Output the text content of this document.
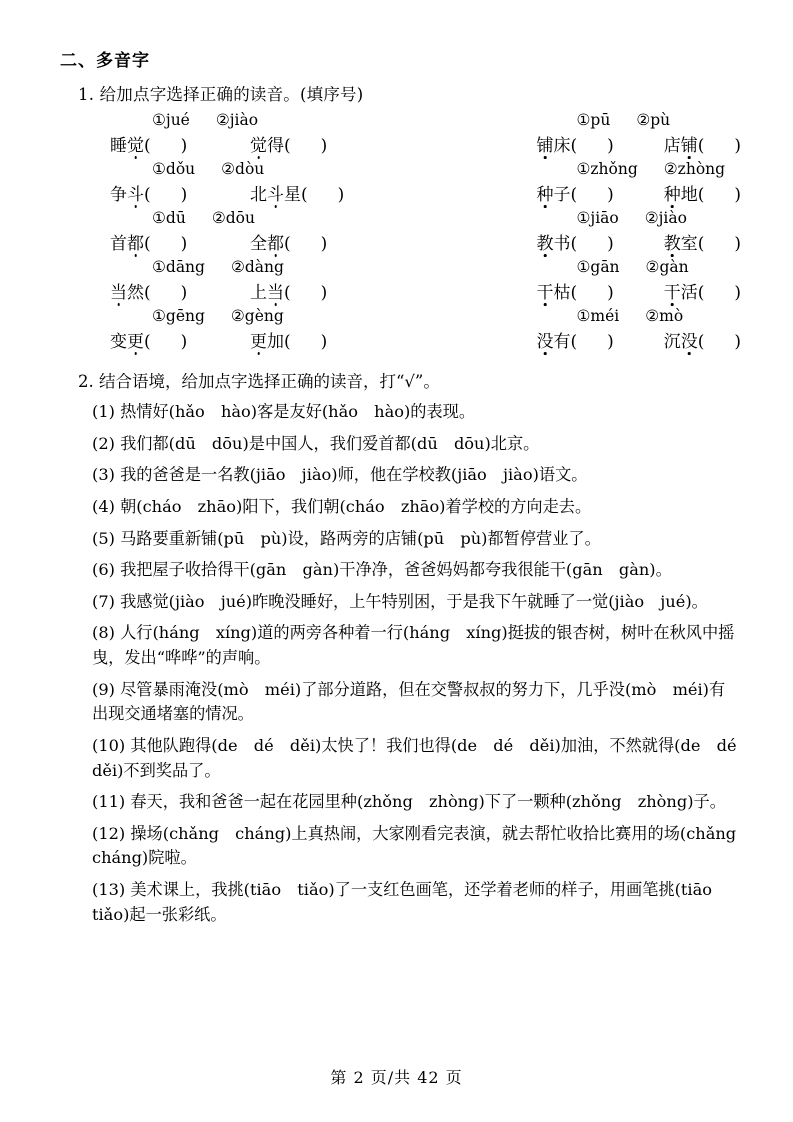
二、多音字
1. 给加点字选择正确的读音。(填序号)
①jué ②jiào
睡觉( )	觉得( )
①pū ②pù
铺床( )	店铺( )
①dǒu ②dòu
争斗( )	北斗星( )
①zhǒng ②zhòng
种子( )	种地( )
①dū ②dōu
首都( )	全都( )
①jiāo ②jiào
教书( )	教室( )
①dāng ②dàng
当然( )	上当( )
①gān ②gàn
干枯( )	干活( )
①gēng ②gèng
变更( )	更加( )
①méi ②mò
没有( )	沉没( )
2. 结合语境，给加点字选择正确的读音，打“√”。
(1) 热情好(hǎo　hào)客是友好(hǎo　hào)的表现。
(2) 我们都(dū　dōu)是中国人，我们爱首都(dū　dōu)北京。
(3) 我的爸爸是一名教(jiāo　jiào)师，他在学校教(jiāo　jiào)语文。
(4) 朝(cháo　zhāo)阳下，我们朝(cháo　zhāo)着学校的方向走去。
(5) 马路要重新铺(pū　pù)设，路两旁的店铺(pū　pù)都暂停营业了。
(6) 我把屋子收拾得干(gān　gàn)干净净，爸爸妈妈都夸我很能干(gān　gàn)。
(7) 我感觉(jiào　jué)昨晚没睡好，上午特别困，于是我下午就睡了一觉(jiào　jué)。
(8) 人行(háng　xíng)道的两旁各种着一行(háng　xíng)挺拔的银杏树，树叶在秋风中摇曳，发出“哗哗”的声响。
(9) 尽管暴雨淹没(mò　méi)了部分道路，但在交警叔叔的努力下，几乎没(mò　méi)有出现交通堵塞的情况。
(10) 其他队跑得(de　dé　děi)太快了！我们也得(de　dé　děi)加油，不然就得(de　dé　děi)不到奖品了。
(11) 春天，我和爸爸一起在花园里种(zhǒng　zhòng)下了一颗种(zhǒng　zhòng)子。
(12) 操场(chǎng　cháng)上真热闹，大家刚看完表演，就去帮忙收拾比赛用的场(chǎng　cháng)院啦。
(13) 美术课上，我挑(tiāo　tiǎo)了一支红色画笔，还学着老师的样子，用画笔挑(tiāo　tiǎo)起一张彩纸。
第 2 页/共 42 页
